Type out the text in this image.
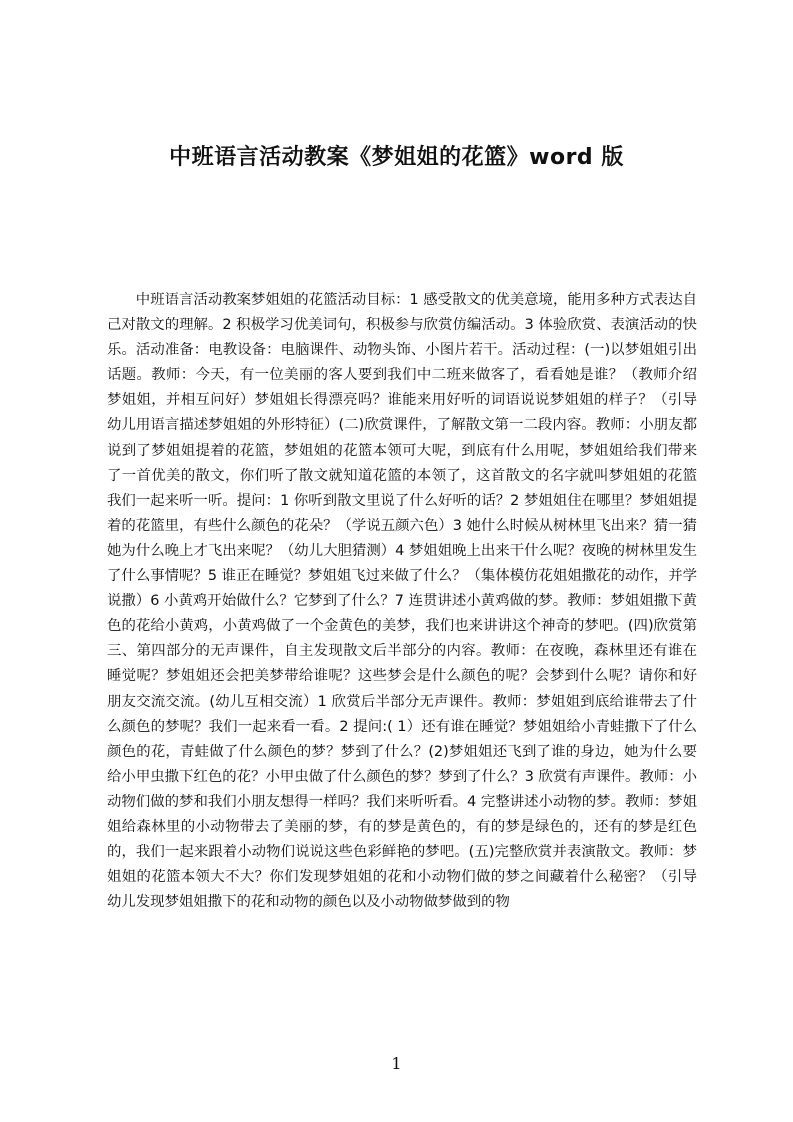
中班语言活动教案《梦姐姐的花篮》word 版

中班语言活动教案梦姐姐的花篮活动目标：1 感受散文的优美意境，能用多种方式表达自己对散文的理解。2 积极学习优美词句，积极参与欣赏仿编活动。3 体验欣赏、表演活动的快乐。活动准备：电教设备：电脑课件、动物头饰、小图片若干。活动过程：(一)以梦姐姐引出话题。教师：今天，有一位美丽的客人要到我们中二班来做客了，看看她是谁？（教师介绍梦姐姐，并相互问好）梦姐姐长得漂亮吗？谁能来用好听的词语说说梦姐姐的样子？（引导幼儿用语言描述梦姐姐的外形特征）(二)欣赏课件，了解散文第一二段内容。教师：小朋友都说到了梦姐姐提着的花篮，梦姐姐的花篮本领可大呢，到底有什么用呢，梦姐姐给我们带来了一首优美的散文，你们听了散文就知道花篮的本领了，这首散文的名字就叫梦姐姐的花篮我们一起来听一听。提问：1 你听到散文里说了什么好听的话？2 梦姐姐住在哪里？梦姐姐提着的花篮里，有些什么颜色的花朵？（学说五颜六色）3 她什么时候从树林里飞出来？猜一猜她为什么晚上才飞出来呢？（幼儿大胆猜测）4 梦姐姐晚上出来干什么呢？夜晚的树林里发生了什么事情呢？5 谁正在睡觉？梦姐姐飞过来做了什么？（集体模仿花姐姐撒花的动作，并学说撒）6 小黄鸡开始做什么？它梦到了什么？7 连贯讲述小黄鸡做的梦。教师：梦姐姐撒下黄色的花给小黄鸡，小黄鸡做了一个金黄色的美梦，我们也来讲讲这个神奇的梦吧。(四)欣赏第三、第四部分的无声课件，自主发现散文后半部分的内容。教师：在夜晚，森林里还有谁在睡觉呢？梦姐姐还会把美梦带给谁呢？这些梦会是什么颜色的呢？会梦到什么呢？请你和好朋友交流交流。(幼儿互相交流）1 欣赏后半部分无声课件。教师：梦姐姐到底给谁带去了什么颜色的梦呢？我们一起来看一看。2 提问:( 1）还有谁在睡觉？梦姐姐给小青蛙撒下了什么颜色的花，青蛙做了什么颜色的梦？梦到了什么？(2)梦姐姐还飞到了谁的身边，她为什么要给小甲虫撒下红色的花？小甲虫做了什么颜色的梦？梦到了什么？3 欣赏有声课件。教师：小动物们做的梦和我们小朋友想得一样吗？我们来听听看。4 完整讲述小动物的梦。教师：梦姐姐给森林里的小动物带去了美丽的梦，有的梦是黄色的，有的梦是绿色的，还有的梦是红色的，我们一起来跟着小动物们说说这些色彩鲜艳的梦吧。(五)完整欣赏并表演散文。教师：梦姐姐的花篮本领大不大？你们发现梦姐姐的花和小动物们做的梦之间藏着什么秘密？（引导幼儿发现梦姐姐撒下的花和动物的颜色以及小动物做梦做到的物

1
